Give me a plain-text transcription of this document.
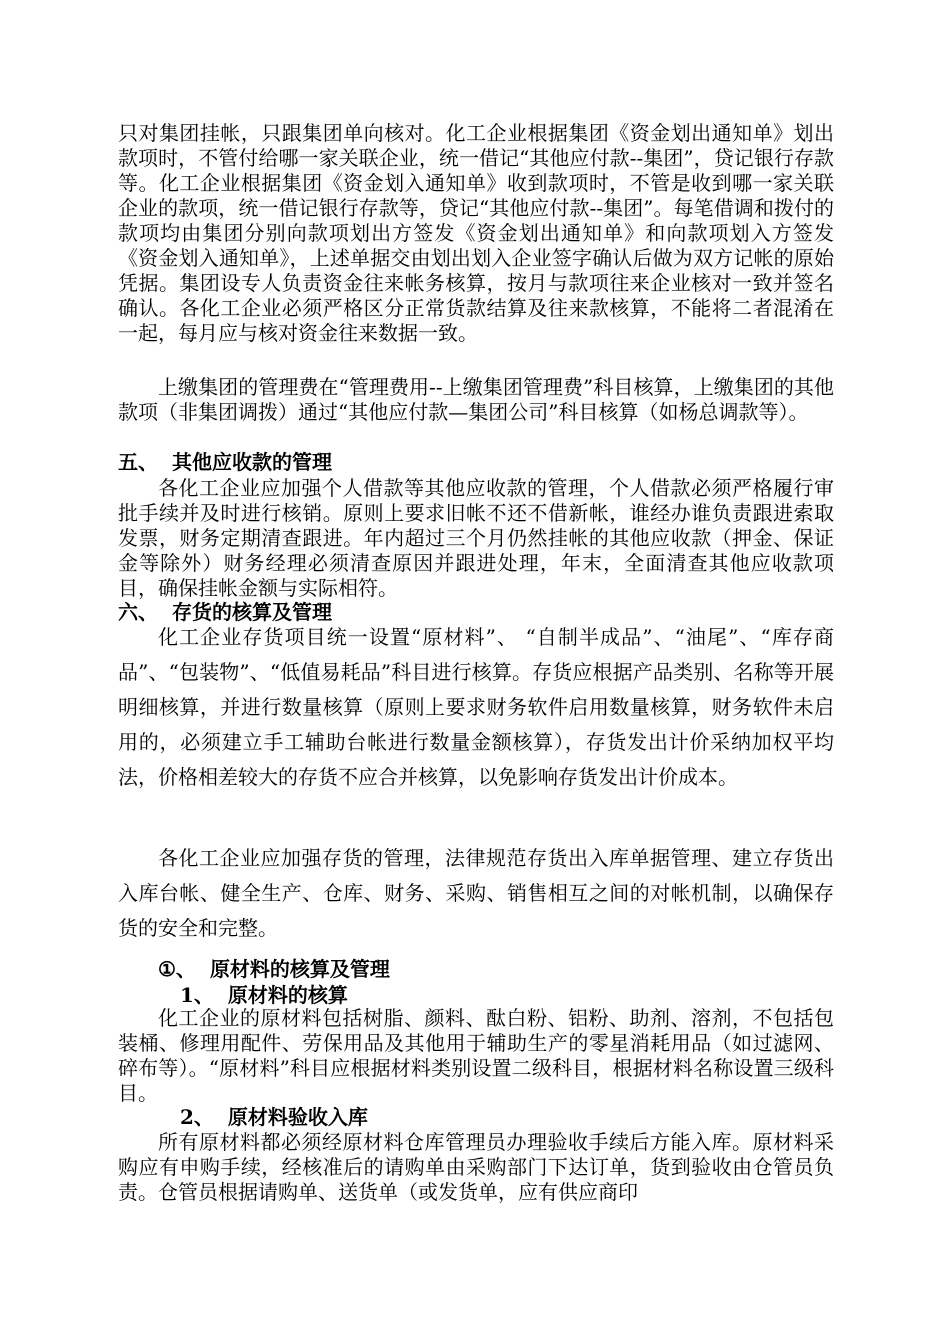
只对集团挂帐，只跟集团单向核对。化工企业根据集团《资金划出通知单》划出款项时，不管付给哪一家关联企业，统一借记“其他应付款--集团”，贷记银行存款等。化工企业根据集团《资金划入通知单》收到款项时，不管是收到哪一家关联企业的款项，统一借记银行存款等，贷记“其他应付款--集团”。每笔借调和拨付的款项均由集团分别向款项划出方签发《资金划出通知单》和向款项划入方签发《资金划入通知单》，上述单据交由划出划入企业签字确认后做为双方记帐的原始凭据。集团设专人负责资金往来帐务核算，按月与款项往来企业核对一致并签名确认。各化工企业必须严格区分正常货款结算及往来款核算，不能将二者混淆在一起，每月应与核对资金往来数据一致。

上缴集团的管理费在“管理费用--上缴集团管理费”科目核算，上缴集团的其他款项（非集团调拨）通过“其他应付款—集团公司”科目核算（如杨总调款等）。

五、 其他应收款的管理

各化工企业应加强个人借款等其他应收款的管理，个人借款必须严格履行审批手续并及时进行核销。原则上要求旧帐不还不借新帐，谁经办谁负责跟进索取发票，财务定期清查跟进。年内超过三个月仍然挂帐的其他应收款（押金、保证金等除外）财务经理必须清查原因并跟进处理，年末，全面清查其他应收款项目，确保挂帐金额与实际相符。

六、 存货的核算及管理

化工企业存货项目统一设置“原材料”、 “自制半成品”、“油尾”、“库存商品”、“包装物”、“低值易耗品”科目进行核算。存货应根据产品类别、名称等开展明细核算，并进行数量核算（原则上要求财务软件启用数量核算，财务软件未启用的，必须建立手工辅助台帐进行数量金额核算），存货发出计价采纳加权平均法，价格相差较大的存货不应合并核算，以免影响存货发出计价成本。

各化工企业应加强存货的管理，法律规范存货出入库单据管理、建立存货出入库台帐、健全生产、仓库、财务、采购、销售相互之间的对帐机制，以确保存货的安全和完整。

①、 原材料的核算及管理
1、 原材料的核算

化工企业的原材料包括树脂、颜料、酞白粉、铝粉、助剂、溶剂，不包括包装桶、修理用配件、劳保用品及其他用于辅助生产的零星消耗用品（如过滤网、碎布等）。“原材料”科目应根据材料类别设置二级科目，根据材料名称设置三级科目。

2、 原材料验收入库

所有原材料都必须经原材料仓库管理员办理验收手续后方能入库。原材料采购应有申购手续，经核准后的请购单由采购部门下达订单，货到验收由仓管员负责。仓管员根据请购单、送货单（或发货单，应有供应商印
